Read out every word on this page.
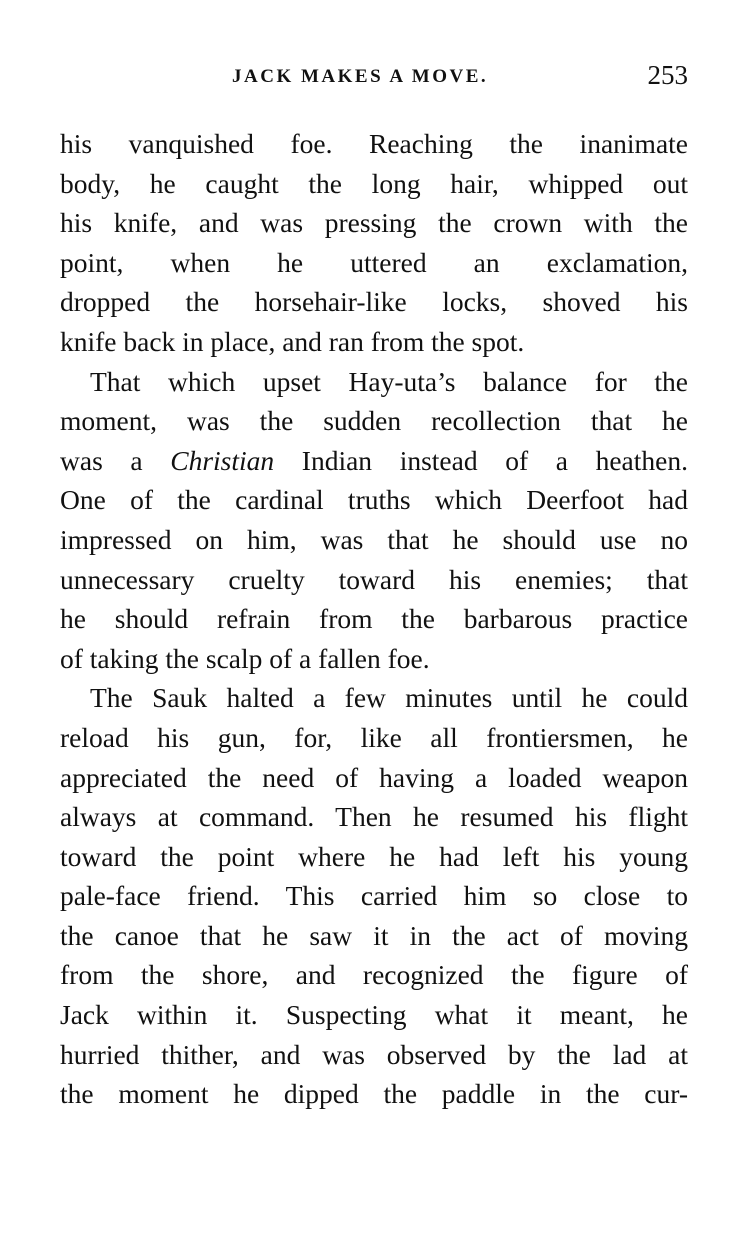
JACK MAKES A MOVE.	253
his vanquished foe. Reaching the inanimate
body, he caught the long hair, whipped out
his knife, and was pressing the crown with the
point, when he uttered an exclamation,
dropped the horsehair-like locks, shoved his
knife back in place, and ran from the spot.
That which upset Hay-uta’s balance for the
moment, was the sudden recollection that he
was a Christian Indian instead of a heathen.
One of the cardinal truths which Deerfoot had
impressed on him, was that he should use no
unnecessary cruelty toward his enemies; that
he should refrain from the barbarous practice
of taking the scalp of a fallen foe.
The Sauk halted a few minutes until he could
reload his gun, for, like all frontiersmen, he
appreciated the need of having a loaded weapon
always at command. Then he resumed his flight
toward the point where he had left his young
pale-face friend. This carried him so close to
the canoe that he saw it in the act of moving
from the shore, and recognized the figure of
Jack within it. Suspecting what it meant, he
hurried thither, and was observed by the lad at
the moment he dipped the paddle in the cur-
